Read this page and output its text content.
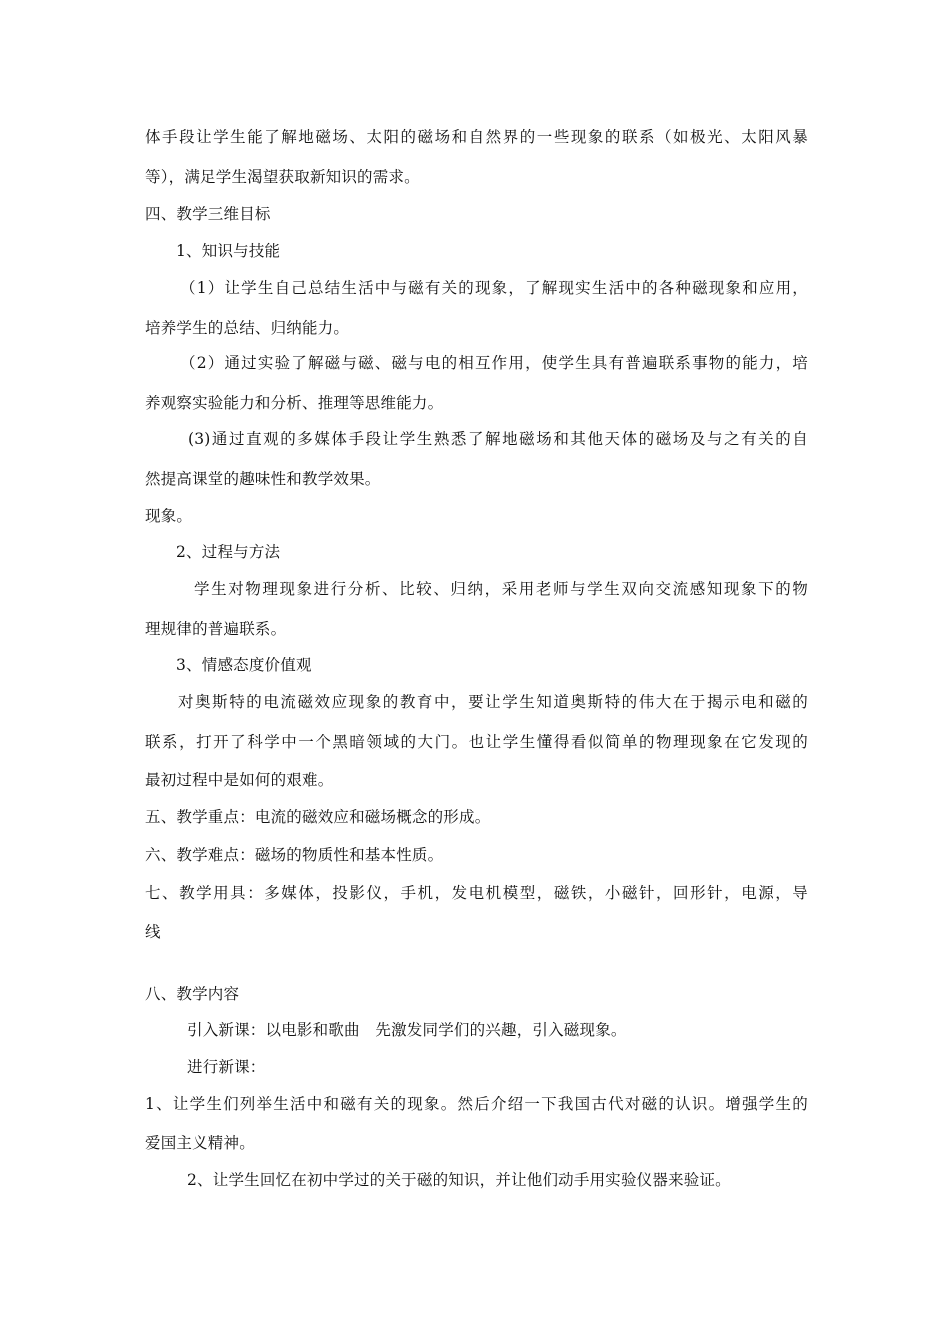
体手段让学生能了解地磁场、太阳的磁场和自然界的一些现象的联系（如极光、太阳风暴
等），满足学生渴望获取新知识的需求。
四、教学三维目标
1、知识与技能
（1）让学生自己总结生活中与磁有关的现象，了解现实生活中的各种磁现象和应用，
培养学生的总结、归纳能力。
（2）通过实验了解磁与磁、磁与电的相互作用，使学生具有普遍联系事物的能力，培
养观察实验能力和分析、推理等思维能力。
(3)通过直观的多媒体手段让学生熟悉了解地磁场和其他天体的磁场及与之有关的自
然提高课堂的趣味性和教学效果。
现象。
2、过程与方法
学生对物理现象进行分析、比较、归纳，采用老师与学生双向交流感知现象下的物
理规律的普遍联系。
3、情感态度价值观
对奥斯特的电流磁效应现象的教育中，要让学生知道奥斯特的伟大在于揭示电和磁的
联系，打开了科学中一个黑暗领域的大门。也让学生懂得看似简单的物理现象在它发现的
最初过程中是如何的艰难。
五、教学重点：电流的磁效应和磁场概念的形成。
六、教学难点：磁场的物质性和基本性质。
七、教学用具：多媒体，投影仪，手机，发电机模型，磁铁，小磁针，回形针，电源，导
线
八、教学内容
引入新课：以电影和歌曲　先激发同学们的兴趣，引入磁现象。
进行新课：
1、让学生们列举生活中和磁有关的现象。然后介绍一下我国古代对磁的认识。增强学生的
爱国主义精神。
2、让学生回忆在初中学过的关于磁的知识，并让他们动手用实验仪器来验证。
